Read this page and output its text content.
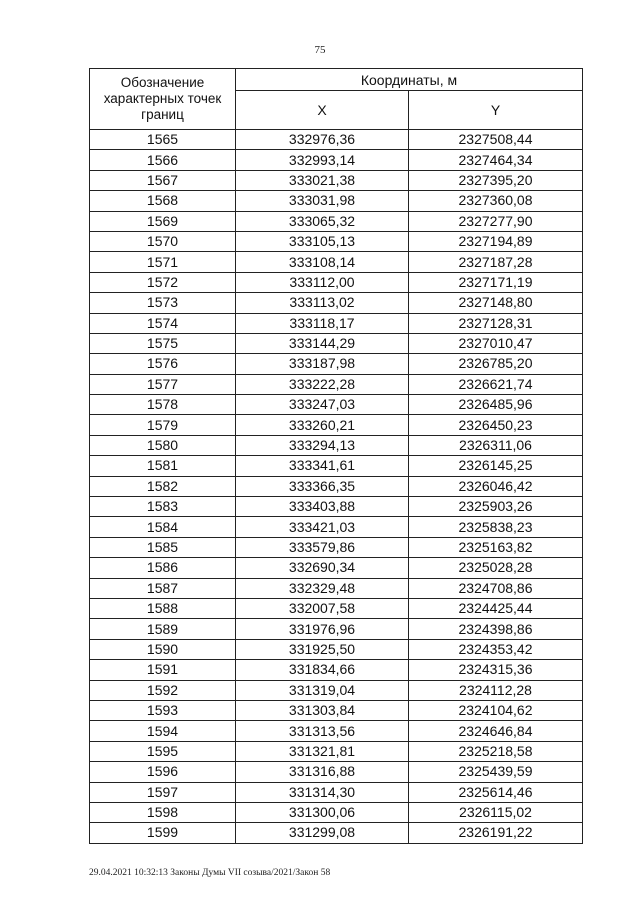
75
Обозначение характерных точек границ	Координаты, м	
	X	Y
1565	332976,36	2327508,44
1566	332993,14	2327464,34
1567	333021,38	2327395,20
1568	333031,98	2327360,08
1569	333065,32	2327277,90
1570	333105,13	2327194,89
1571	333108,14	2327187,28
1572	333112,00	2327171,19
1573	333113,02	2327148,80
1574	333118,17	2327128,31
1575	333144,29	2327010,47
1576	333187,98	2326785,20
1577	333222,28	2326621,74
1578	333247,03	2326485,96
1579	333260,21	2326450,23
1580	333294,13	2326311,06
1581	333341,61	2326145,25
1582	333366,35	2326046,42
1583	333403,88	2325903,26
1584	333421,03	2325838,23
1585	333579,86	2325163,82
1586	332690,34	2325028,28
1587	332329,48	2324708,86
1588	332007,58	2324425,44
1589	331976,96	2324398,86
1590	331925,50	2324353,42
1591	331834,66	2324315,36
1592	331319,04	2324112,28
1593	331303,84	2324104,62
1594	331313,56	2324646,84
1595	331321,81	2325218,58
1596	331316,88	2325439,59
1597	331314,30	2325614,46
1598	331300,06	2326115,02
1599	331299,08	2326191,22
29.04.2021 10:32:13 Законы Думы VII созыва/2021/Закон 58
